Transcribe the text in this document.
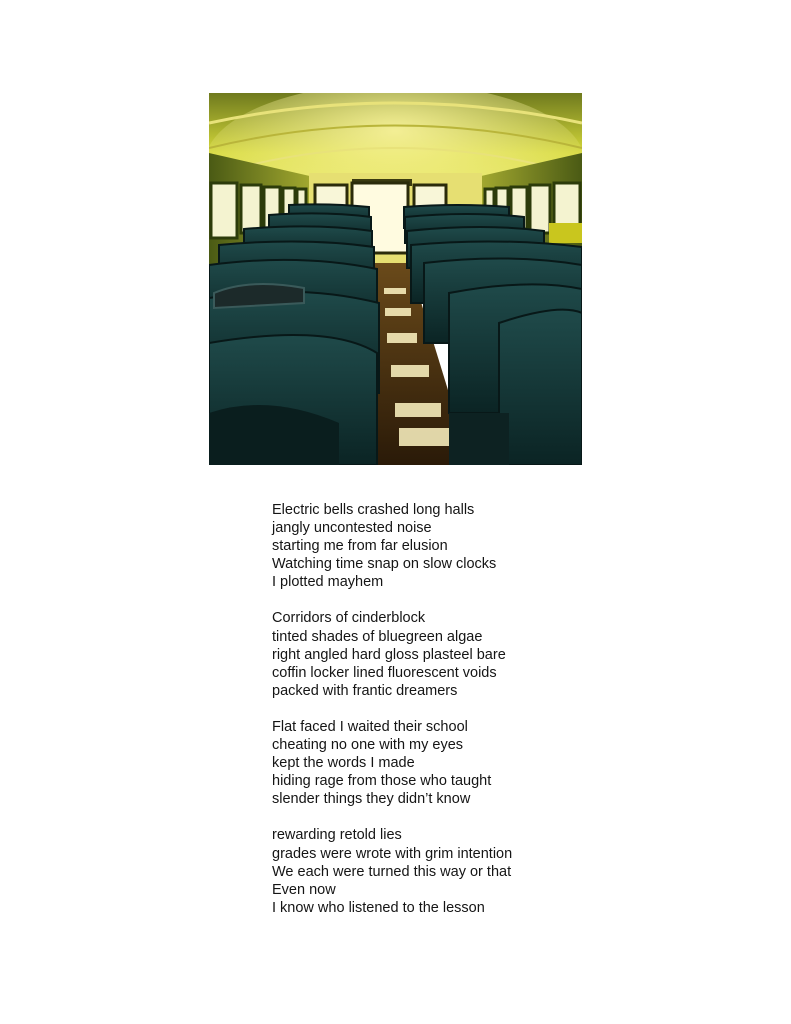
Electric bells crashed long halls
jangly uncontested noise
starting me from far elusion
Watching time snap on slow clocks
I plotted mayhem
Corridors of cinderblock
tinted shades of bluegreen algae
right angled hard gloss plasteel bare
coffin locker lined fluorescent voids
packed with frantic dreamers
Flat faced I waited their school
cheating no one with my eyes
kept the words I made
hiding rage from those who taught
slender things they didn’t know
rewarding retold lies
grades were wrote with grim intention
We each were turned this way or that
Even now
I know who listened to the lesson
